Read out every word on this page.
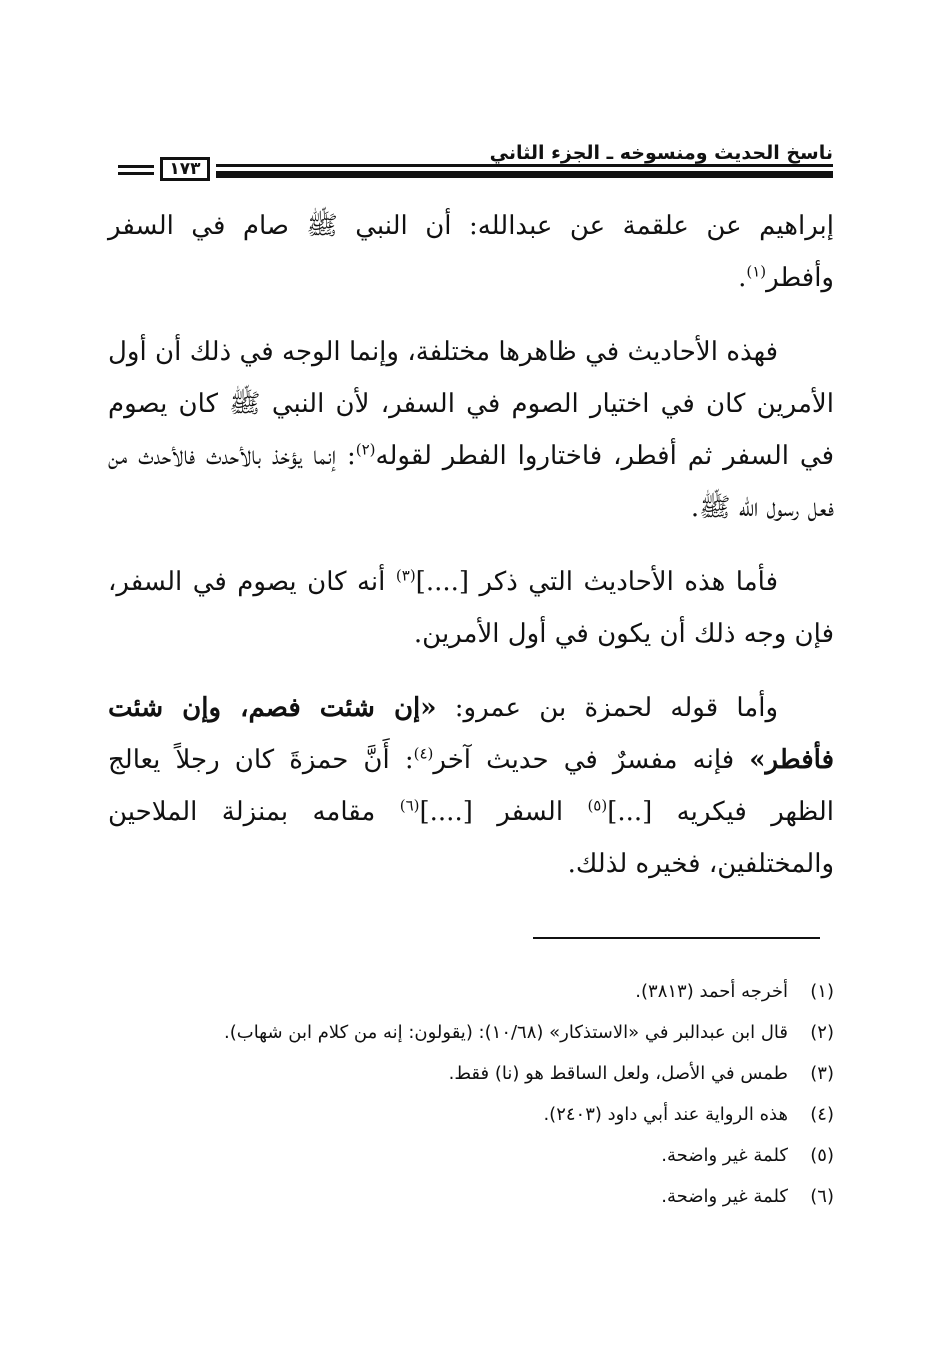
ناسخ الحديث ومنسوخه ـ الجزء الثاني
١٧٣

إبراهيم عن علقمة عن عبدالله: أن النبي ﷺ صام في السفر وأفطر$^{(١)}$.

فهذه الأحاديث في ظاهرها مختلفة، وإنما الوجه في ذلك أن أول الأمرين كان في اختيار الصوم في السفر، لأن النبي ﷺ كان يصوم في السفر ثم أفطر، فاختاروا الفطر لقوله$^{(٢)}$: إنما يؤخذ بالأحدث فالأحدث من فعل رسول الله ﷺ.

فأما هذه الأحاديث التي ذكر [....]$^{(٣)}$ أنه كان يصوم في السفر، فإن وجه ذلك أن يكون في أول الأمرين.

وأما قوله لحمزة بن عمرو: «إن شئت فصم، وإن شئت فأفطر» فإنه مفسرٌ في حديث آخر$^{(٤)}$: أَنَّ حمزةَ كان رجلاً يعالج الظهر فيكريه [...]$^{(٥)}$ السفر [....]$^{(٦)}$ مقامه بمنزلة الملاحين والمختلفين، فخيره لذلك.

(١)
أخرجه أحمد (٣٨١٣).
(٢)
قال ابن عبدالبر في «الاستذكار» (١٠/٦٨): (يقولون: إنه من كلام ابن شهاب).
(٣)
طمس في الأصل، ولعل الساقط هو (نا) فقط.
(٤)
هذه الرواية عند أبي داود (٢٤٠٣).
(٥)
كلمة غير واضحة.
(٦)
كلمة غير واضحة.
